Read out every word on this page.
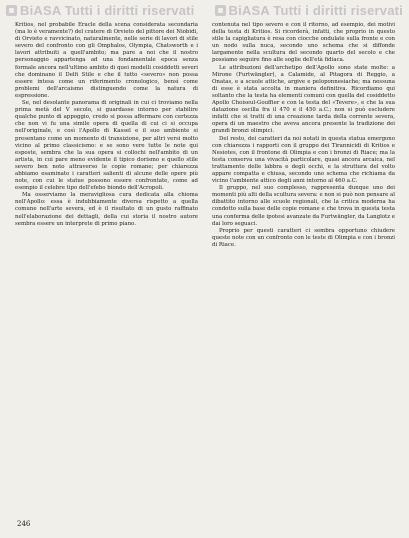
BiASA Tutti i diritti riservati	BiASA Tutti i diritti riservati

Kritios, nel probabile Eracle della scena considerata secondaria (ma lo è veramente?) del cratere di Orvieto del pittore dei Niobidi, di Orvieto e ravvicinato, naturalmente, nelle serie di lavori di stile severo del confronto con gli Omphalos, Olympia, Chatsworth e i lavori attribuiti a quell'ambito; ma pare a noi che il nostro personaggio appartenga ad una fondamentale epoca senza formale ancora nell'ultimo ambito di quei modelli cosiddetti severi che dominano il Delfi Stile e che il tutto «severo» non possa essere intesa come un riferimento cronologico, bensì come problemi dell'arcaismo distinguendo come la natura di espressione.

Se, nel desolante panorama di originali in cui ci troviamo nella prima metà del V secolo, si guardasse intorno per stabilire qualche punto di appoggio, credo si possa affermare con certezza che non vi fu una simile opera di quella di cui ci si occupa nell'originale, e così l'Apollo di Kassel e il suo ambiente si presentano come un momento di transizione, per altri versi molto vicino al primo classicismo: e se sono vere tutte le note qui esposte, sembra che la sua opera si collochi nell'ambito di un artista, in cui pare meno evidente il tipico dorismo e quello stile severo ben noto attraverso le copie romane; per chiarezza abbiamo esaminato i caratteri salienti di alcune delle opere più note, con cui le statue possono essere confrontate, come ad esempio il celebre tipo dell'efebo biondo dell'Acropoli.

Ma osserviamo la meravigliosa cura dedicata alla chioma nell'Apollo: essa è indubbiamente diversa rispetto a quella comune nell'arte severa, ed è il risultato di un gusto raffinato nell'elaborazione dei dettagli, della cui storia il nostro autore sembra essere un interprete di primo piano.

contenuta nel tipo severo e con il ritorno, ad esempio, dei motivi della testa di Kritios. Si ricorderà, infatti, che proprio in questo stile la capigliatura è resa con ciocche ondulate sulla fronte e con un nodo sulla nuca, secondo uno schema che si diffonde largamente nella scultura del secondo quarto del secolo e che possiamo seguire fino alle soglie dell'età fidiaca.

Le attribuzioni dell'archetipo dell'Apollo sono state molte: a Mirone (Furtwängler), a Calamide, al Pitagora di Reggio, a Onatas, e a scuole attiche, argive e peloponnesiache; ma nessuna di esse è stata accolta in maniera definitiva. Ricordiamo qui soltanto che la testa ha elementi comuni con quella del cosiddetto Apollo Choiseul-Gouffier e con la testa del «Tevere», e che la sua datazione oscilla fra il 470 e il 450 a.C.; non si può escludere infatti che si tratti di una creazione tarda della corrente severa, opera di un maestro che aveva ancora presente la tradizione dei grandi bronzi olimpici.

Del resto, dei caratteri da noi notati in questa statua emergono con chiarezza i rapporti con il gruppo dei Tirannicidi di Kritios e Nesiotes, con il frontone di Olimpia e con i bronzi di Riace; ma la testa conserva una vivacità particolare, quasi ancora arcaica, nel trattamento delle labbra e degli occhi, e la struttura del volto appare compatta e chiusa, secondo uno schema che richiama da vicino l'ambiente attico degli anni intorno al 460 a.C.

Il gruppo, nel suo complesso, rappresenta dunque uno dei momenti più alti della scultura severa: e non si può non pensare al dibattito intorno alle scuole regionali, che la critica moderna ha condotto sulla base delle copie romane e che trova in questa testa una conferma delle ipotesi avanzate da Furtwängler, da Langlotz e dai loro seguaci.

Proprio per questi caratteri ci sembra opportuno chiudere queste note con un confronto con le teste di Olimpia e con i bronzi di Riace.

246
